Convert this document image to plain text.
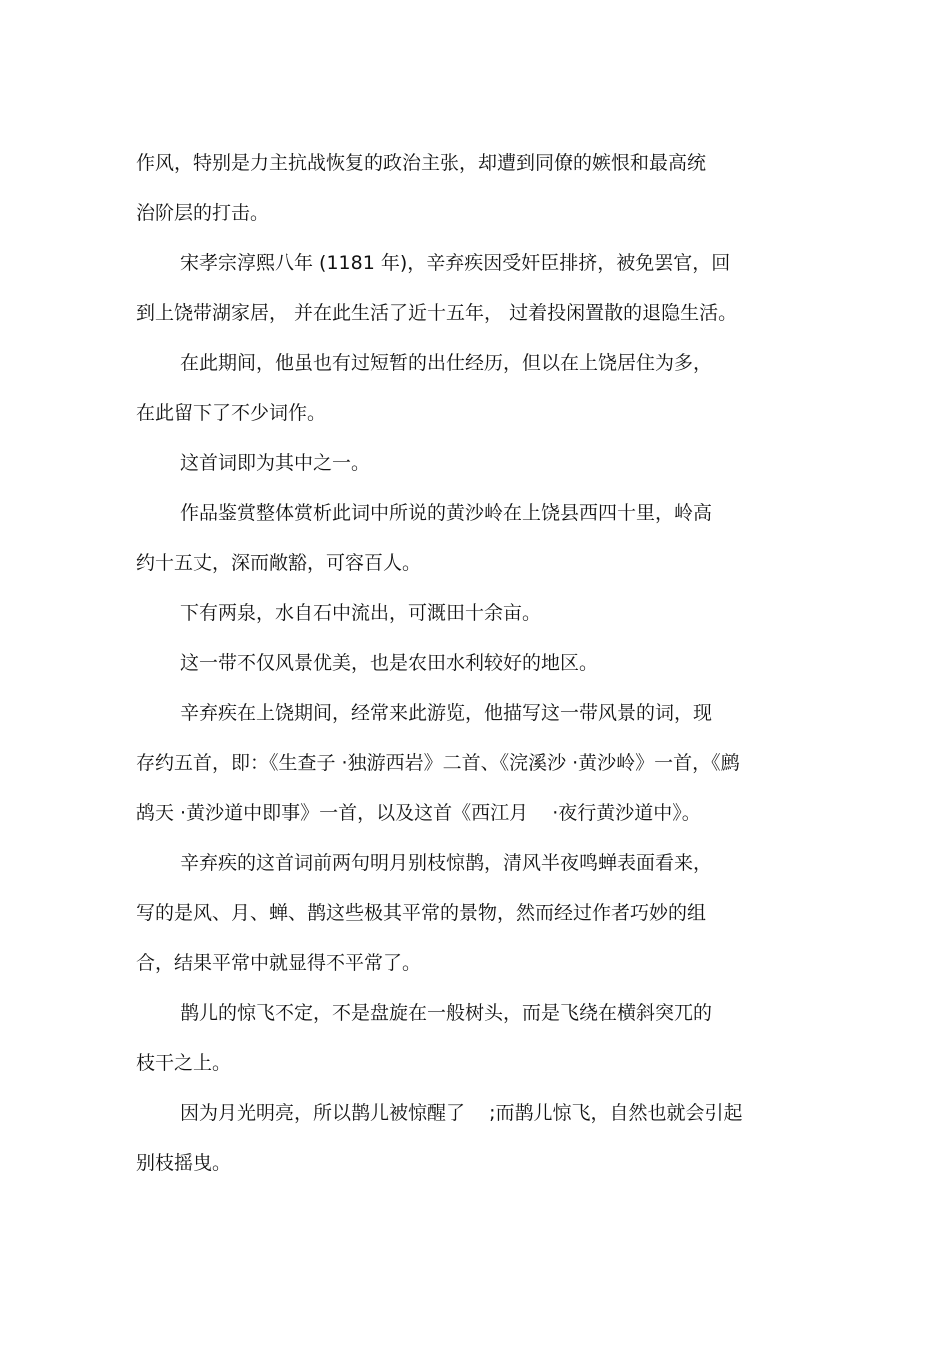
作风，特别是力主抗战恢复的政治主张，却遭到同僚的嫉恨和最高统
治阶层的打击。
宋孝宗淳熙八年 (1181 年)，辛弃疾因受奸臣排挤，被免罢官，回
到上饶带湖家居， 并在此生活了近十五年， 过着投闲置散的退隐生活。
在此期间，他虽也有过短暂的出仕经历，但以在上饶居住为多，
在此留下了不少词作。
这首词即为其中之一。
作品鉴赏整体赏析此词中所说的黄沙岭在上饶县西四十里，岭高
约十五丈，深而敞豁，可容百人。
下有两泉，水自石中流出，可溉田十余亩。
这一带不仅风景优美，也是农田水利较好的地区。
辛弃疾在上饶期间，经常来此游览，他描写这一带风景的词，现
存约五首，即：《生查子 ·独游西岩》二首、《浣溪沙 ·黄沙岭》一首，《鹧
鸪天 ·黄沙道中即事》一首，以及这首《西江月    ·夜行黄沙道中》。
辛弃疾的这首词前两句明月别枝惊鹊，清风半夜鸣蝉表面看来，
写的是风、月、蝉、鹊这些极其平常的景物，然而经过作者巧妙的组
合，结果平常中就显得不平常了。
鹊儿的惊飞不定，不是盘旋在一般树头，而是飞绕在横斜突兀的
枝干之上。
因为月光明亮，所以鹊儿被惊醒了    ;而鹊儿惊飞，自然也就会引起
别枝摇曳。
